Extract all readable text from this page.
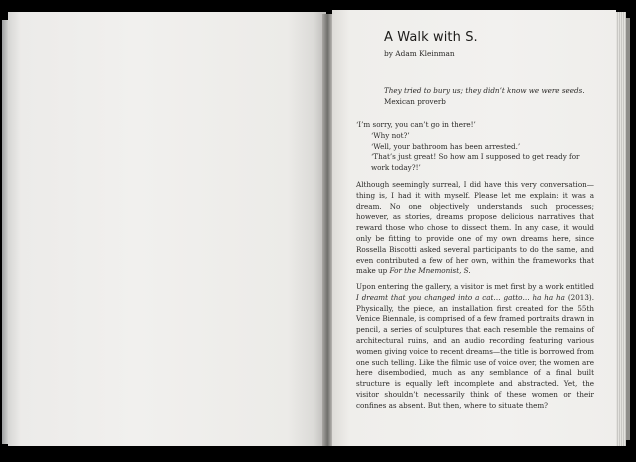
A Walk with S.
by Adam Kleinman
They tried to bury us; they didn’t know we were seeds.
Mexican proverb

‘I’m sorry, you can’t go in there!’

‘Why not?’

‘Well, your bathroom has been arrested.’

‘That’s just great! So how am I supposed to get ready for work today?!’

Although seemingly surreal, I did have this very conversation—thing is, I had it with myself. Please let me explain: it was a dream. No one objectively understands such processes; however, as stories, dreams propose delicious narratives that reward those who chose to dissect them. In any case, it would only be fitting to provide one of my own dreams here, since Rossella Biscotti asked several participants to do the same, and even contributed a few of her own, within the frameworks that make up For the Mnemonist, S.

Upon entering the gallery, a visitor is met first by a work entitled I dreamt that you changed into a cat… gatto… ha ha ha (2013). Physically, the piece, an installation first created for the 55th Venice Biennale, is comprised of a few framed portraits drawn in pencil, a series of sculptures that each resemble the remains of architectural ruins, and an audio recording featuring various women giving voice to recent dreams—the title is borrowed from one such telling. Like the filmic use of voice over, the women are here disembodied, much as any semblance of a final built structure is equally left incomplete and abstracted. Yet, the visitor shouldn’t necessarily think of these women or their confines as absent. But then, where to situate them?
